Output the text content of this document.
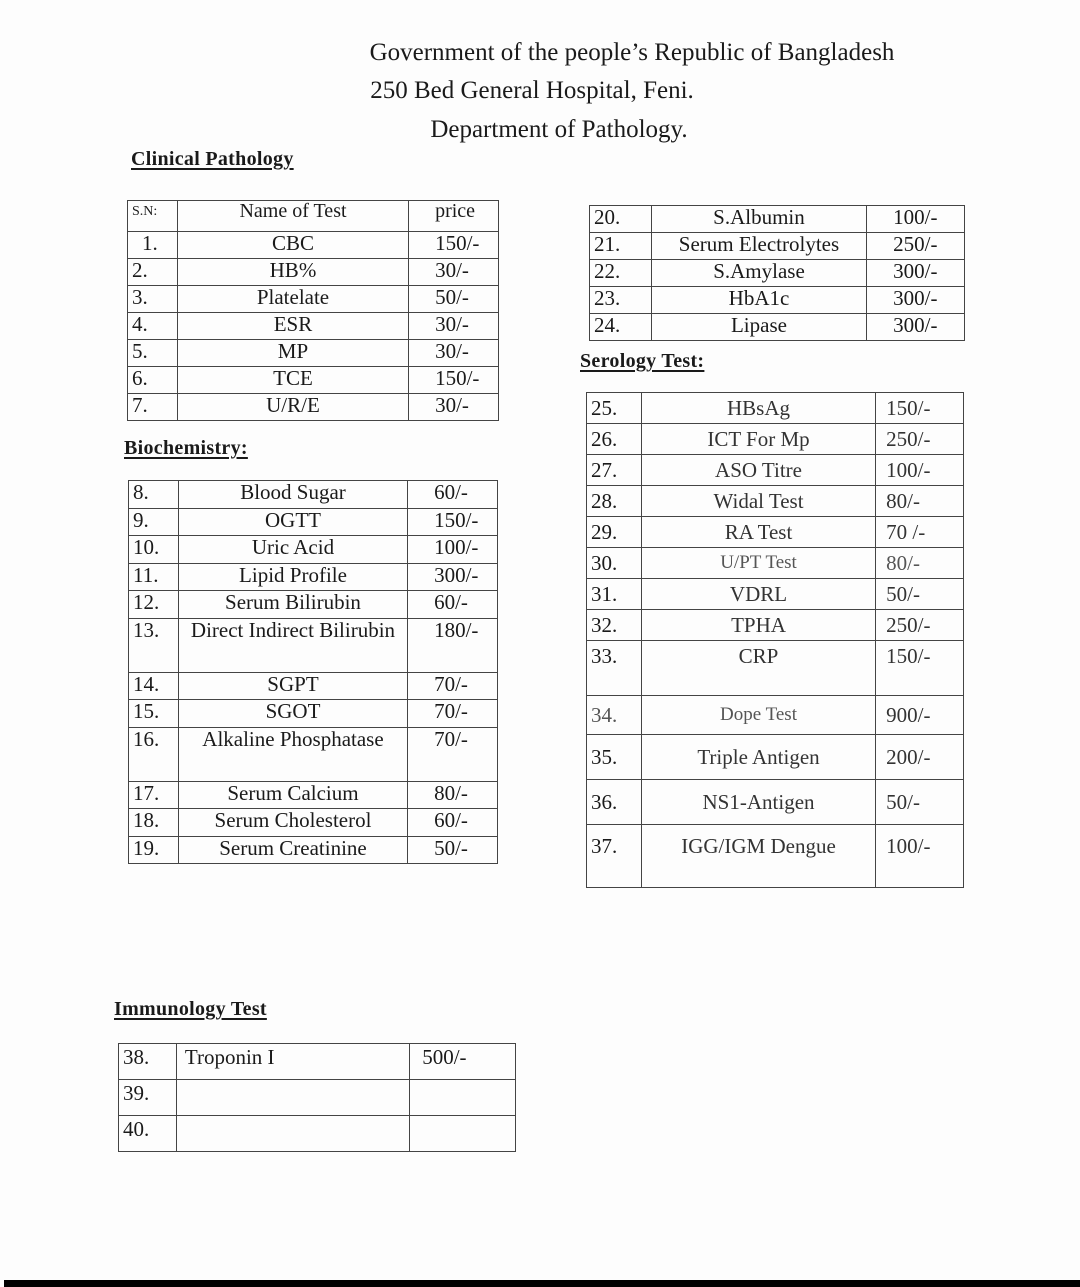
Government of the people’s Republic of Bangladesh
250 Bed General Hospital, Feni.
Department of Pathology.
Clinical Pathology
S.N:	Name of Test	price
1.	CBC	150/-
2.	HB%	30/-
3.	Platelate	50/-
4.	ESR	30/-
5.	MP	30/-
6.	TCE	150/-
7.	U/R/E	30/-
Biochemistry:
8.	Blood Sugar	60/-
9.	OGTT	150/-
10.	Uric Acid	100/-
11.	Lipid Profile	300/-
12.	Serum Bilirubin	60/-
13.	Direct Indirect Bilirubin	180/-
14.	SGPT	70/-
15.	SGOT	70/-
16.	Alkaline Phosphatase	70/-
17.	Serum Calcium	80/-
18.	Serum Cholesterol	60/-
19.	Serum Creatinine	50/-
20.	S.Albumin	100/-
21.	Serum Electrolytes	250/-
22.	S.Amylase	300/-
23.	HbA1c	300/-
24.	Lipase	300/-
Serology Test:
25.	HBsAg	150/-
26.	ICT For Mp	250/-
27.	ASO Titre	100/-
28.	Widal Test	80/-
29.	RA Test	70 /-
30.	U/PT Test	80/-
31.	VDRL	50/-
32.	TPHA	250/-
33.	CRP	150/-
34.	Dope Test	900/-
35.	Triple Antigen	200/-
36.	NS1-Antigen	50/-
37.	IGG/IGM Dengue	100/-
Immunology Test
38.	Troponin I	500/-
39.		
40.		
